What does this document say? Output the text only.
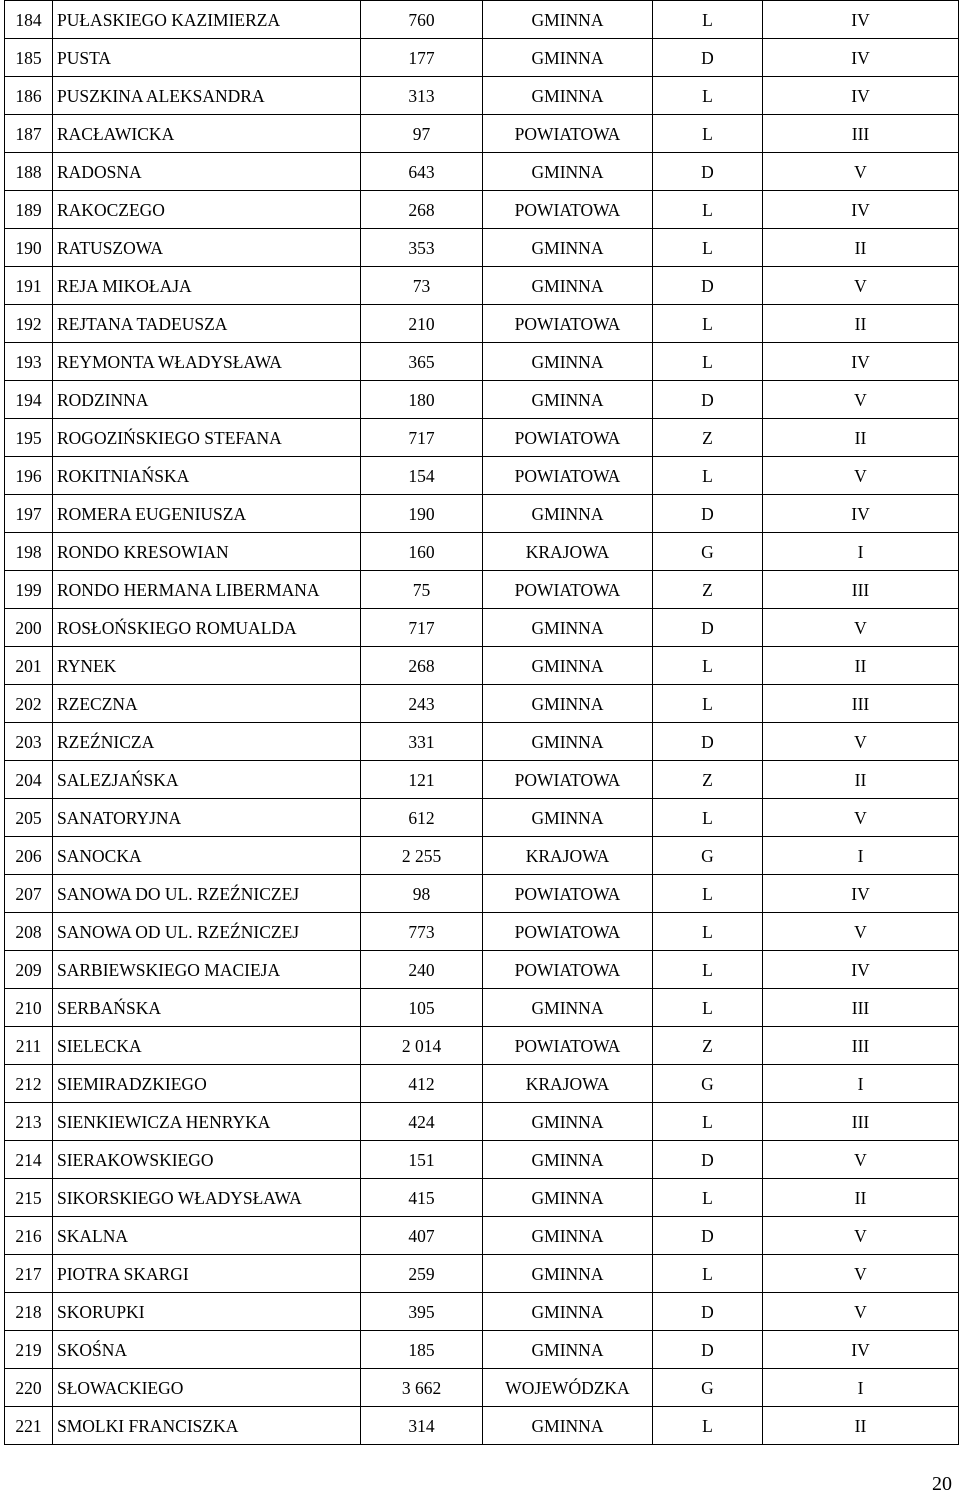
184	PUŁASKIEGO KAZIMIERZA	760	GMINNA	L	IV
185	PUSTA	177	GMINNA	D	IV
186	PUSZKINA ALEKSANDRA	313	GMINNA	L	IV
187	RACŁAWICKA	97	POWIATOWA	L	III
188	RADOSNA	643	GMINNA	D	V
189	RAKOCZEGO	268	POWIATOWA	L	IV
190	RATUSZOWA	353	GMINNA	L	II
191	REJA MIKOŁAJA	73	GMINNA	D	V
192	REJTANA TADEUSZA	210	POWIATOWA	L	II
193	REYMONTA WŁADYSŁAWA	365	GMINNA	L	IV
194	RODZINNA	180	GMINNA	D	V
195	ROGOZIŃSKIEGO STEFANA	717	POWIATOWA	Z	II
196	ROKITNIAŃSKA	154	POWIATOWA	L	V
197	ROMERA EUGENIUSZA	190	GMINNA	D	IV
198	RONDO KRESOWIAN	160	KRAJOWA	G	I
199	RONDO HERMANA LIBERMANA	75	POWIATOWA	Z	III
200	ROSŁOŃSKIEGO ROMUALDA	717	GMINNA	D	V
201	RYNEK	268	GMINNA	L	II
202	RZECZNA	243	GMINNA	L	III
203	RZEŹNICZA	331	GMINNA	D	V
204	SALEZJAŃSKA	121	POWIATOWA	Z	II
205	SANATORYJNA	612	GMINNA	L	V
206	SANOCKA	2 255	KRAJOWA	G	I
207	SANOWA DO UL. RZEŹNICZEJ	98	POWIATOWA	L	IV
208	SANOWA OD UL. RZEŹNICZEJ	773	POWIATOWA	L	V
209	SARBIEWSKIEGO MACIEJA	240	POWIATOWA	L	IV
210	SERBAŃSKA	105	GMINNA	L	III
211	SIELECKA	2 014	POWIATOWA	Z	III
212	SIEMIRADZKIEGO	412	KRAJOWA	G	I
213	SIENKIEWICZA HENRYKA	424	GMINNA	L	III
214	SIERAKOWSKIEGO	151	GMINNA	D	V
215	SIKORSKIEGO WŁADYSŁAWA	415	GMINNA	L	II
216	SKALNA	407	GMINNA	D	V
217	PIOTRA SKARGI	259	GMINNA	L	V
218	SKORUPKI	395	GMINNA	D	V
219	SKOŚNA	185	GMINNA	D	IV
220	SŁOWACKIEGO	3 662	WOJEWÓDZKA	G	I
221	SMOLKI FRANCISZKA	314	GMINNA	L	II
20
